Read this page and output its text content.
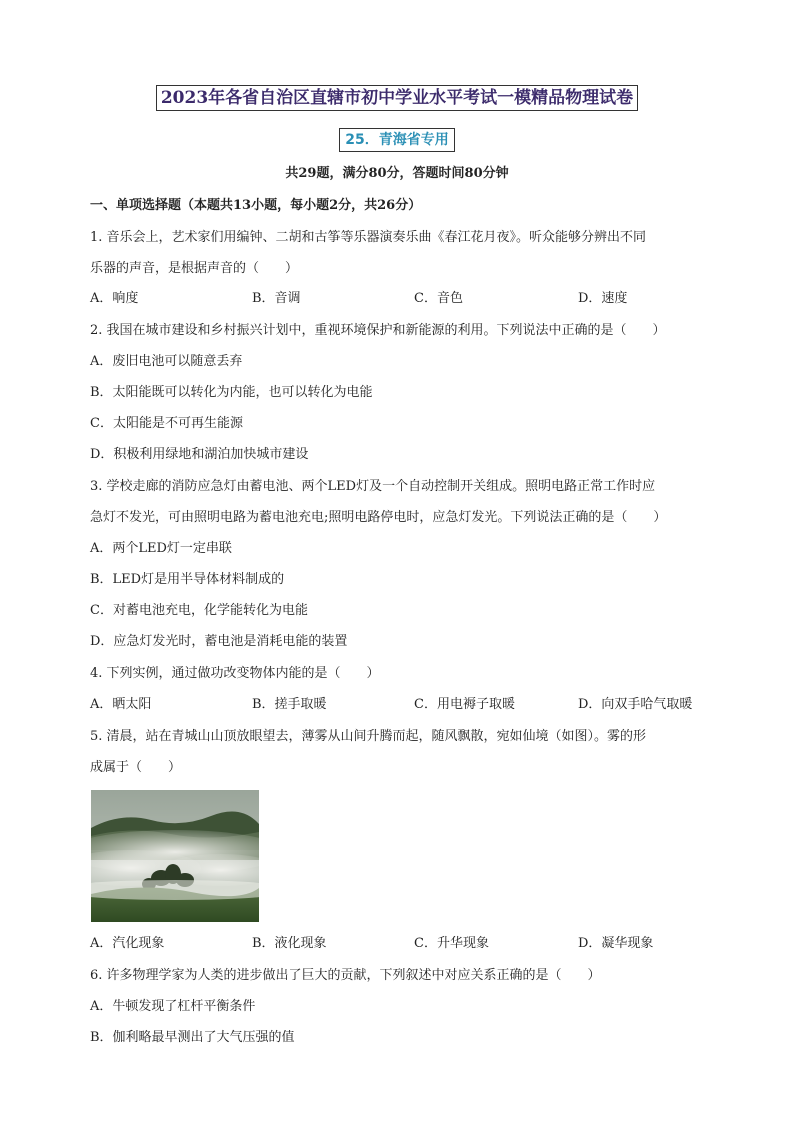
2023年各省自治区直辖市初中学业水平考试一模精品物理试卷
25．青海省专用
共29题，满分80分，答题时间80分钟
一、单项选择题（本题共13小题，每小题2分，共26分）
1. 音乐会上，艺术家们用编钟、二胡和古筝等乐器演奏乐曲《春江花月夜》。听众能够分辨出不同
乐器的声音，是根据声音的（　　）
A．响度	B．音调	C．音色	D．速度
2. 我国在城市建设和乡村振兴计划中，重视环境保护和新能源的利用。下列说法中正确的是（　　）
A．废旧电池可以随意丢弃
B．太阳能既可以转化为内能，也可以转化为电能
C．太阳能是不可再生能源
D．积极利用绿地和湖泊加快城市建设
3. 学校走廊的消防应急灯由蓄电池、两个LED灯及一个自动控制开关组成。照明电路正常工作时应
急灯不发光，可由照明电路为蓄电池充电;照明电路停电时，应急灯发光。下列说法正确的是（　　）
A．两个LED灯一定串联
B．LED灯是用半导体材料制成的
C．对蓄电池充电，化学能转化为电能
D．应急灯发光时，蓄电池是消耗电能的装置
4. 下列实例，通过做功改变物体内能的是（　　）
A．晒太阳	B．搓手取暖	C．用电褥子取暖	D．向双手哈气取暖
5. 清晨，站在青城山山顶放眼望去，薄雾从山间升腾而起，随风飘散，宛如仙境（如图）。雾的形
成属于（　　）
A．汽化现象	B．液化现象	C．升华现象	D．凝华现象
6. 许多物理学家为人类的进步做出了巨大的贡献，下列叙述中对应关系正确的是（　　）
A．牛顿发现了杠杆平衡条件
B．伽利略最早测出了大气压强的值
